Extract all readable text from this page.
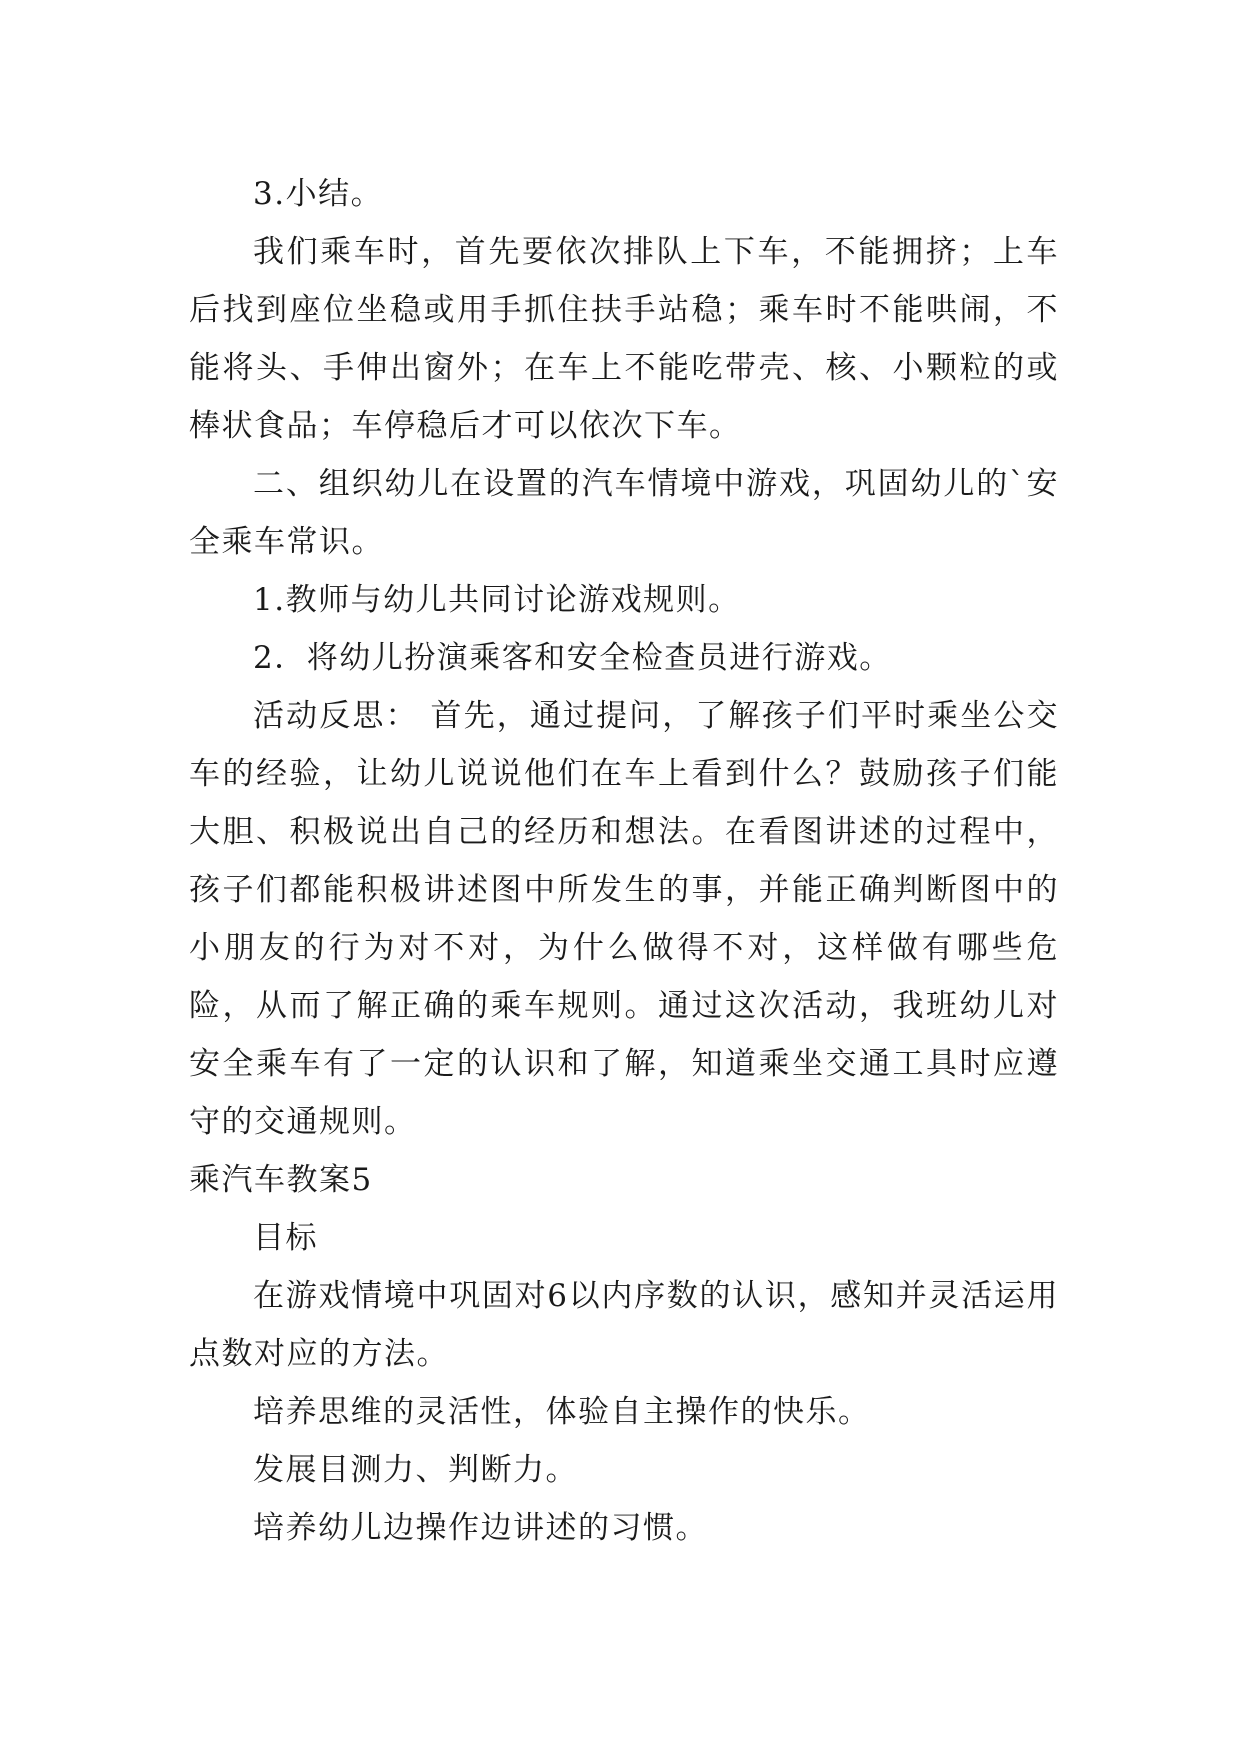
3.小结。

我们乘车时，首先要依次排队上下车，不能拥挤；上车后找到座位坐稳或用手抓住扶手站稳；乘车时不能哄闹，不能将头、手伸出窗外；在车上不能吃带壳、核、小颗粒的或棒状食品；车停稳后才可以依次下车。

二、组织幼儿在设置的汽车情境中游戏，巩固幼儿的`安全乘车常识。

1.教师与幼儿共同讨论游戏规则。

2．将幼儿扮演乘客和安全检查员进行游戏。

活动反思： 首先，通过提问，了解孩子们平时乘坐公交车的经验，让幼儿说说他们在车上看到什么？鼓励孩子们能大胆、积极说出自己的经历和想法。在看图讲述的过程中，孩子们都能积极讲述图中所发生的事，并能正确判断图中的小朋友的行为对不对，为什么做得不对，这样做有哪些危险，从而了解正确的乘车规则。通过这次活动，我班幼儿对安全乘车有了一定的认识和了解，知道乘坐交通工具时应遵守的交通规则。

乘汽车教案5

目标

在游戏情境中巩固对6以内序数的认识，感知并灵活运用点数对应的方法。

培养思维的灵活性，体验自主操作的快乐。

发展目测力、判断力。

培养幼儿边操作边讲述的习惯。
